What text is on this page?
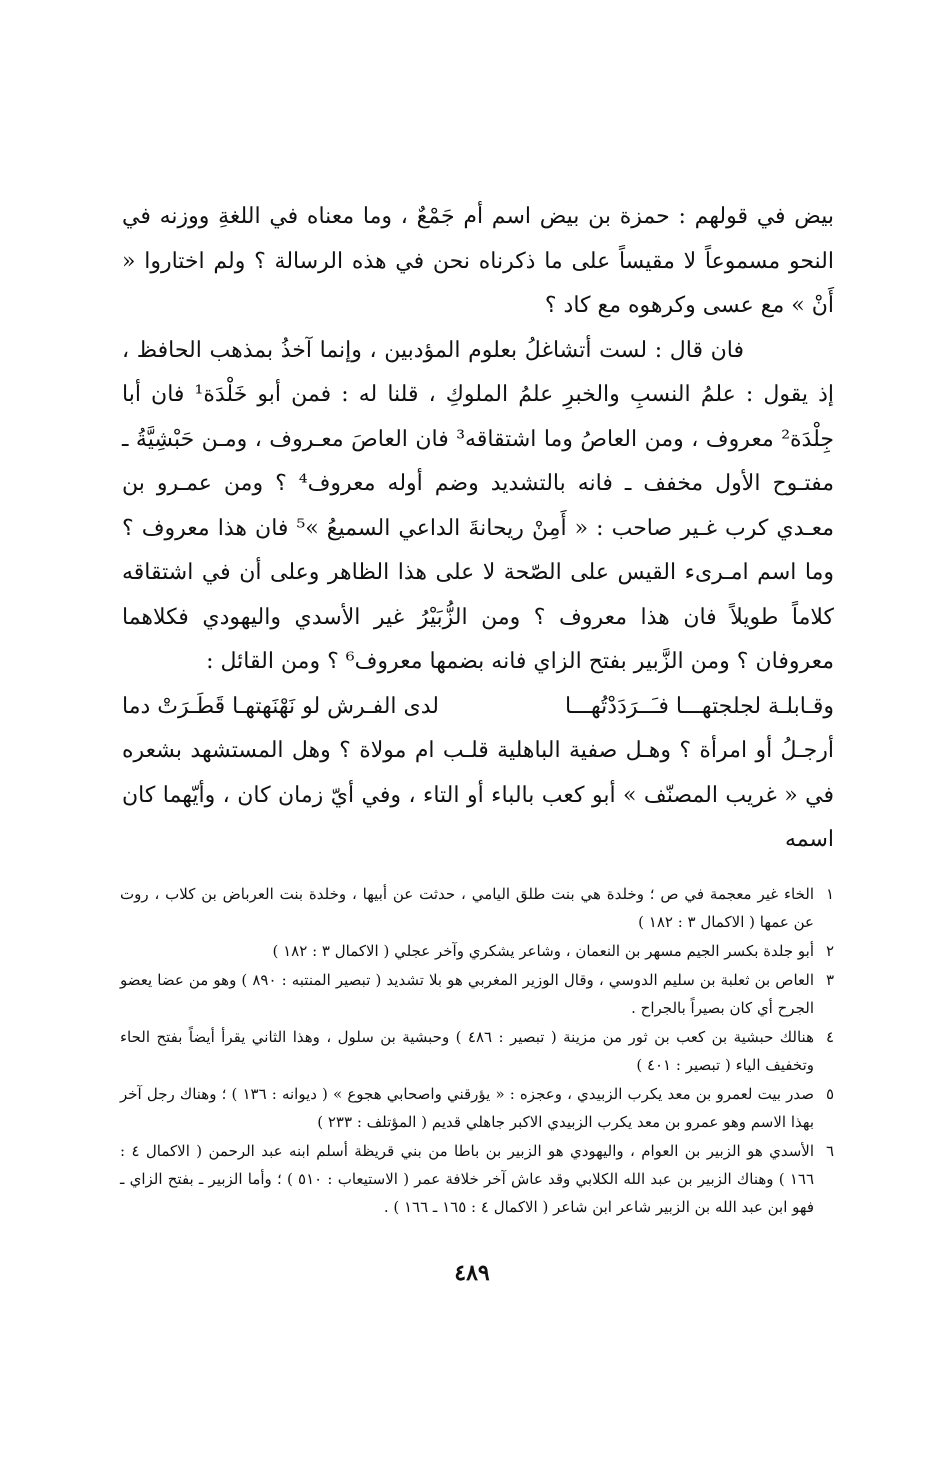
بيض في قولهم : حمزة بن بيض اسم أم جَمْعٌ ، وما معناه في اللغةِ ووزنه في النحو مسموعاً لا مقيساً على ما ذكرناه نحن في هذه الرسالة ؟ ولم اختاروا « أَنْ » مع عسى وكرهوه مع كاد ؟

فان قال : لست أتشاغلُ بعلوم المؤدبين ، وإنما آخذُ بمذهب الحافظ ، إذ يقول : علمُ النسبِ والخبرِ علمُ الملوكِ ، قلنا له : فمن أبو خَلْدَة¹ فان أبا جِلْدَة² معروف ، ومن العاصُ وما اشتقاقه³ فان العاصَ معـروف ، ومـن حَبْشِيَّةُ ـ مفتـوح الأول مخفف ـ فانه بالتشديد وضم أوله معروف⁴ ؟ ومن عمـرو بن معـدي كرب غـير صاحب : « أَمِنْ ريحانةَ الداعي السميعُ »⁵ فان هذا معروف ؟ وما اسم امـرىء القيس على الصّحة لا على هذا الظاهر وعلى أن في اشتقاقه كلاماً طويلاً فان هذا معروف ؟ ومن الزُّبَيْرُ غير الأسدي واليهودي فكلاهما معروفان ؟ ومن الزَّبير بفتح الزاي فانه بضمها معروف⁶ ؟ ومن القائل :

وقـابلـة لجلجتهـــا فـَــرَدَدْتُهـــا
لدى الفـرش لو نَهْنَهتهـا قَطَـرَتْ دما

أرجـلُ أو امرأة ؟ وهـل صفية الباهلية قلـب ام مولاة ؟ وهل المستشهد بشعره في « غريب المصنّف » أبو كعب بالباء أو التاء ، وفي أيّ زمان كان ، وأيّهما كان اسمه

١
الخاء غير معجمة في ص ؛ وخلدة هي بنت طلق اليامي ، حدثت عن أبيها ، وخلدة بنت العرباض بن كلاب ، روت عن عمها ( الاكمال ٣ : ١٨٢ )
٢
أبو جلدة بكسر الجيم مسهر بن النعمان ، وشاعر يشكري وآخر عجلي ( الاكمال ٣ : ١٨٢ )
٣
العاص بن ثعلبة بن سليم الدوسي ، وقال الوزير المغربي هو بلا تشديد ( تبصير المنتبه : ٨٩٠ ) وهو من عضا يعضو الجرح أي كان بصيراً بالجراح .
٤
هنالك حبشية بن كعب بن ثور من مزينة ( تبصير : ٤٨٦ ) وحبشية بن سلول ، وهذا الثاني يقرأ أيضاً بفتح الحاء وتخفيف الياء ( تبصير : ٤٠١ )
٥
صدر بيت لعمرو بن معد يكرب الزبيدي ، وعجزه : « يؤرقني واصحابي هجوع » ( ديوانه : ١٣٦ ) ؛ وهناك رجل آخر بهذا الاسم وهو عمرو بن معد يكرب الزبيدي الاكبر جاهلي قديم ( المؤتلف : ٢٣٣ )
٦
الأسدي هو الزبير بن العوام ، واليهودي هو الزبير بن باطا من بني قريظة أسلم ابنه عبد الرحمن ( الاكمال ٤ : ١٦٦ ) وهناك الزبير بن عبد الله الكلابي وقد عاش آخر خلافة عمر ( الاستيعاب : ٥١٠ ) ؛ وأما الزبير ـ بفتح الزاي ـ فهو ابن عبد الله بن الزبير شاعر ابن شاعر ( الاكمال ٤ : ١٦٥ ـ ١٦٦ ) .
٤٨٩
